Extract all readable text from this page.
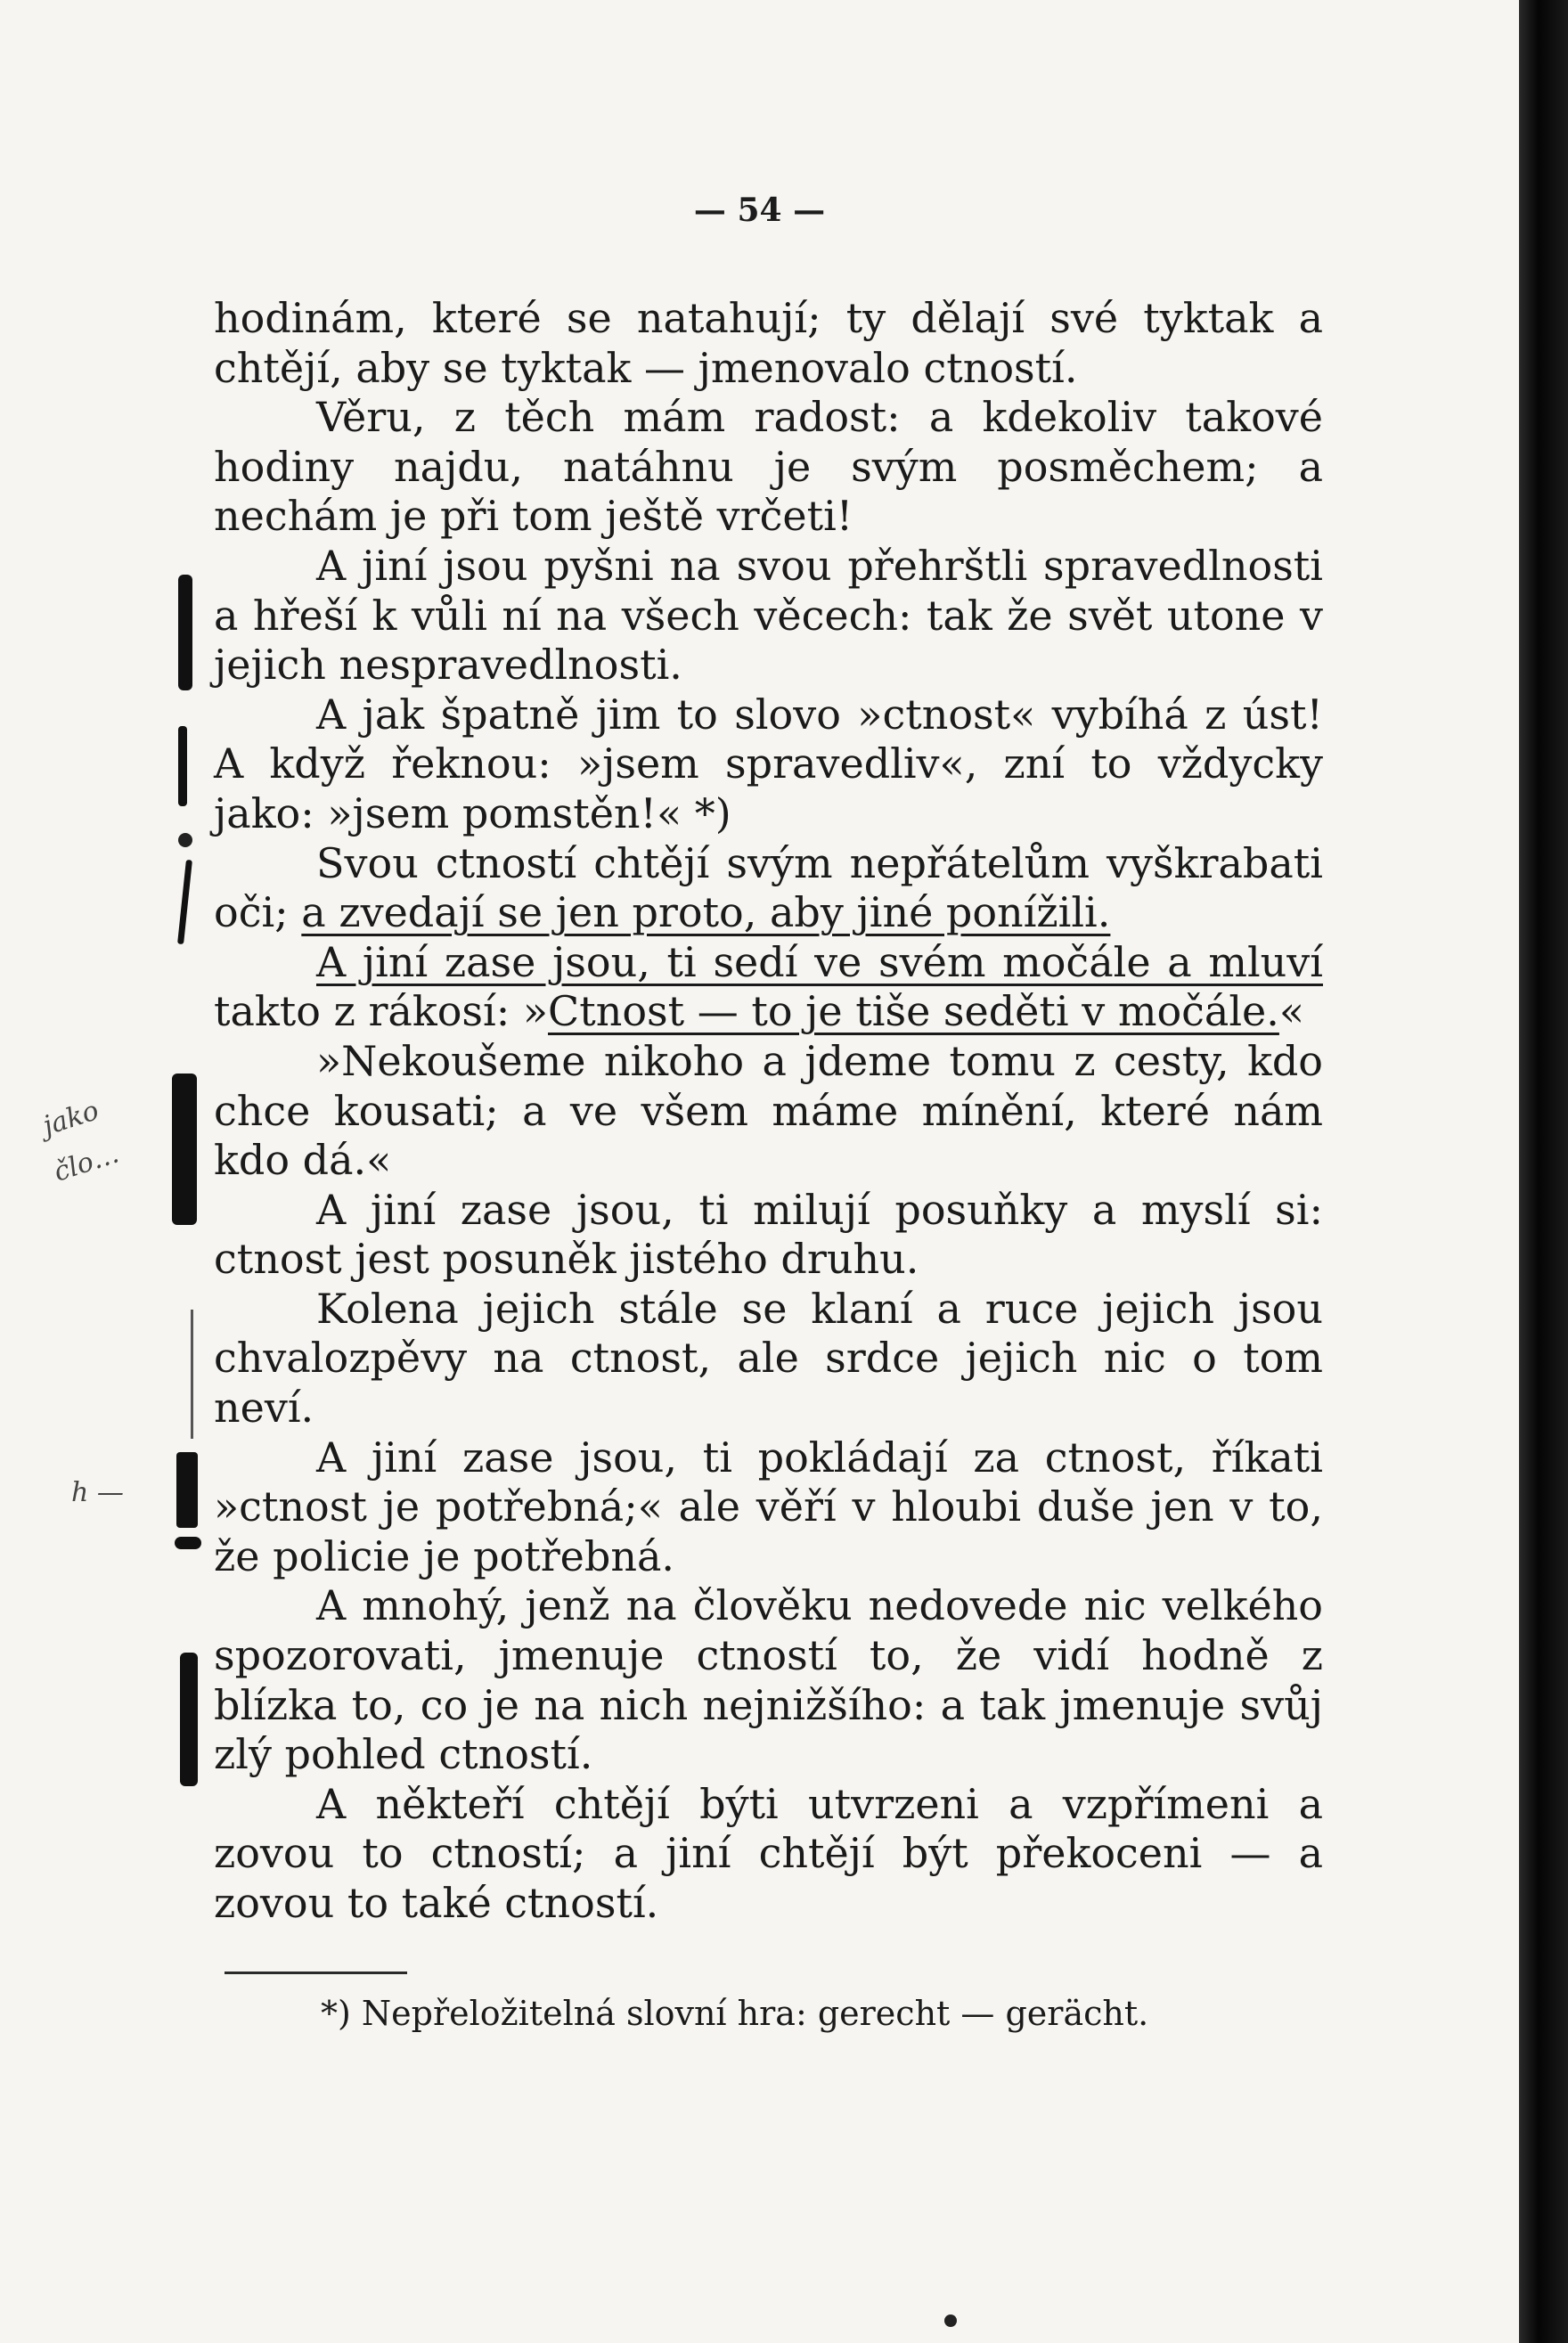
— 54 —

hodinám, které se natahují; ty dělají své tyktak a chtějí, aby se tyktak — jmenovalo ctností.

Věru, z těch mám radost: a kdekoliv takové hodiny najdu, natáhnu je svým posměchem; a nechám je při tom ještě vrčeti!

A jiní jsou pyšni na svou přehrštli spravedlnosti a hřeší k vůli ní na všech věcech: tak že svět utone v jejich nespravedlnosti.

A jak špatně jim to slovo »ctnost« vybíhá z úst! A když řeknou: »jsem spravedliv«, zní to vždycky jako: »jsem pomstěn!« *)

Svou ctností chtějí svým nepřátelům vyškrabati oči; a zvedají se jen proto, aby jiné ponížili.

A jiní zase jsou, ti sedí ve svém močále a mluví takto z rákosí: »Ctnost — to je tiše seděti v močále.«

»Nekoušeme nikoho a jdeme tomu z cesty, kdo chce kousati; a ve všem máme mínění, které nám kdo dá.«

A jiní zase jsou, ti milují posuňky a myslí si: ctnost jest posuněk jistého druhu.

Kolena jejich stále se klaní a ruce jejich jsou chvalozpěvy na ctnost, ale srdce jejich nic o tom neví.

A jiní zase jsou, ti pokládají za ctnost, říkati »ctnost je potřebná;« ale věří v hloubi duše jen v to, že policie je potřebná.

A mnohý, jenž na člověku nedovede nic velkého spozorovati, jmenuje ctností to, že vidí hodně z blízka to, co je na nich nejnižšího: a tak jmenuje svůj zlý pohled ctností.

A někteří chtějí býti utvrzeni a vzpřímeni a zovou to ctností; a jiní chtějí být překoceni — a zovou to také ctností.

*) Nepřeložitelná slovní hra: gerecht — gerächt.
jako
člo…
h —
